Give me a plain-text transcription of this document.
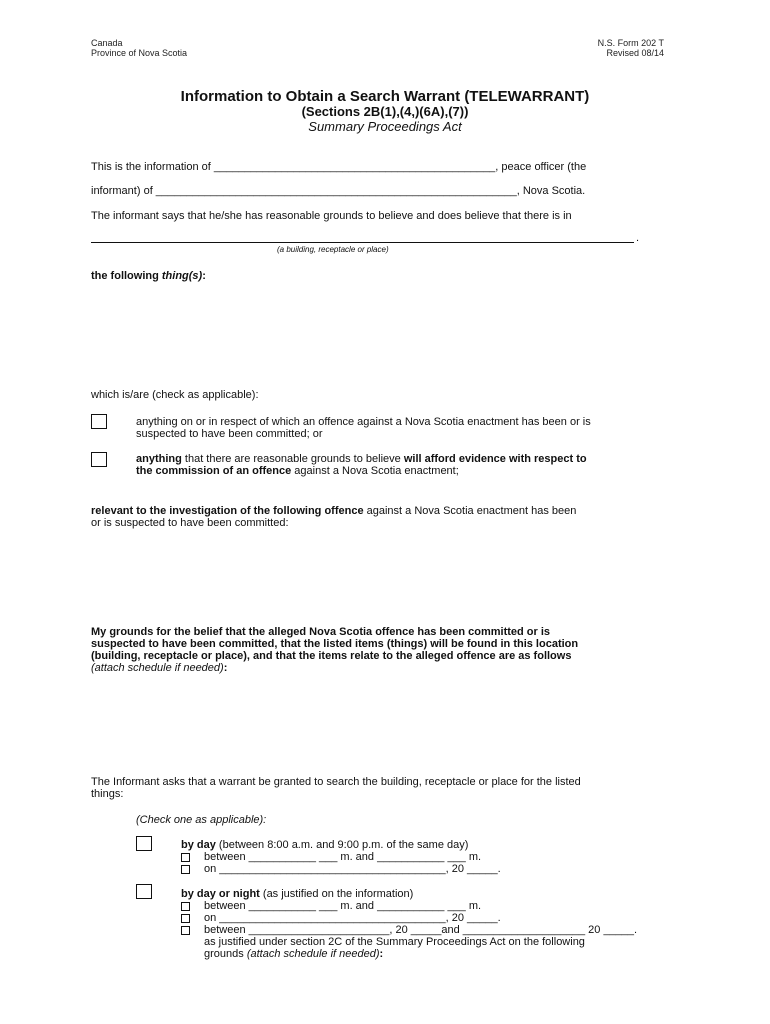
Canada
Province of Nova Scotia
N.S. Form 202 T
Revised 08/14
Information to Obtain a Search Warrant (TELEWARRANT)
(Sections 2B(1),(4,)(6A),(7))
Summary Proceedings Act
This is the information of ______________________________________________, peace officer (the
informant) of ___________________________________________________________, Nova Scotia.
The informant says that he/she has reasonable grounds to believe and does believe that there is in
.
(a building, receptacle or place)
the following thing(s):
which is/are (check as applicable):
anything on or in respect of which an offence against a Nova Scotia enactment has been or is
suspected to have been committed; or
anything that there are reasonable grounds to believe will afford evidence with respect to
the commission of an offence against a Nova Scotia enactment;
relevant to the investigation of the following offence against a Nova Scotia enactment has been
or is suspected to have been committed:
My grounds for the belief that the alleged Nova Scotia offence has been committed or is
suspected to have been committed, that the listed items (things) will be found in this location
(building, receptacle or place), and that the items relate to the alleged offence are as follows
(attach schedule if needed):
The Informant asks that a warrant be granted to search the building, receptacle or place for the listed
things:
(Check one as applicable):
by day (between 8:00 a.m. and 9:00 p.m. of the same day)
between ___________ ___ m. and ___________ ___ m.
on _____________________________________, 20 _____.
by day or night (as justified on the information)
between ___________ ___ m. and ___________ ___ m.
on _____________________________________, 20 _____.
between _______________________, 20 _____and ____________________ 20 _____.
as justified under section 2C of the Summary Proceedings Act on the following
grounds (attach schedule if needed):
